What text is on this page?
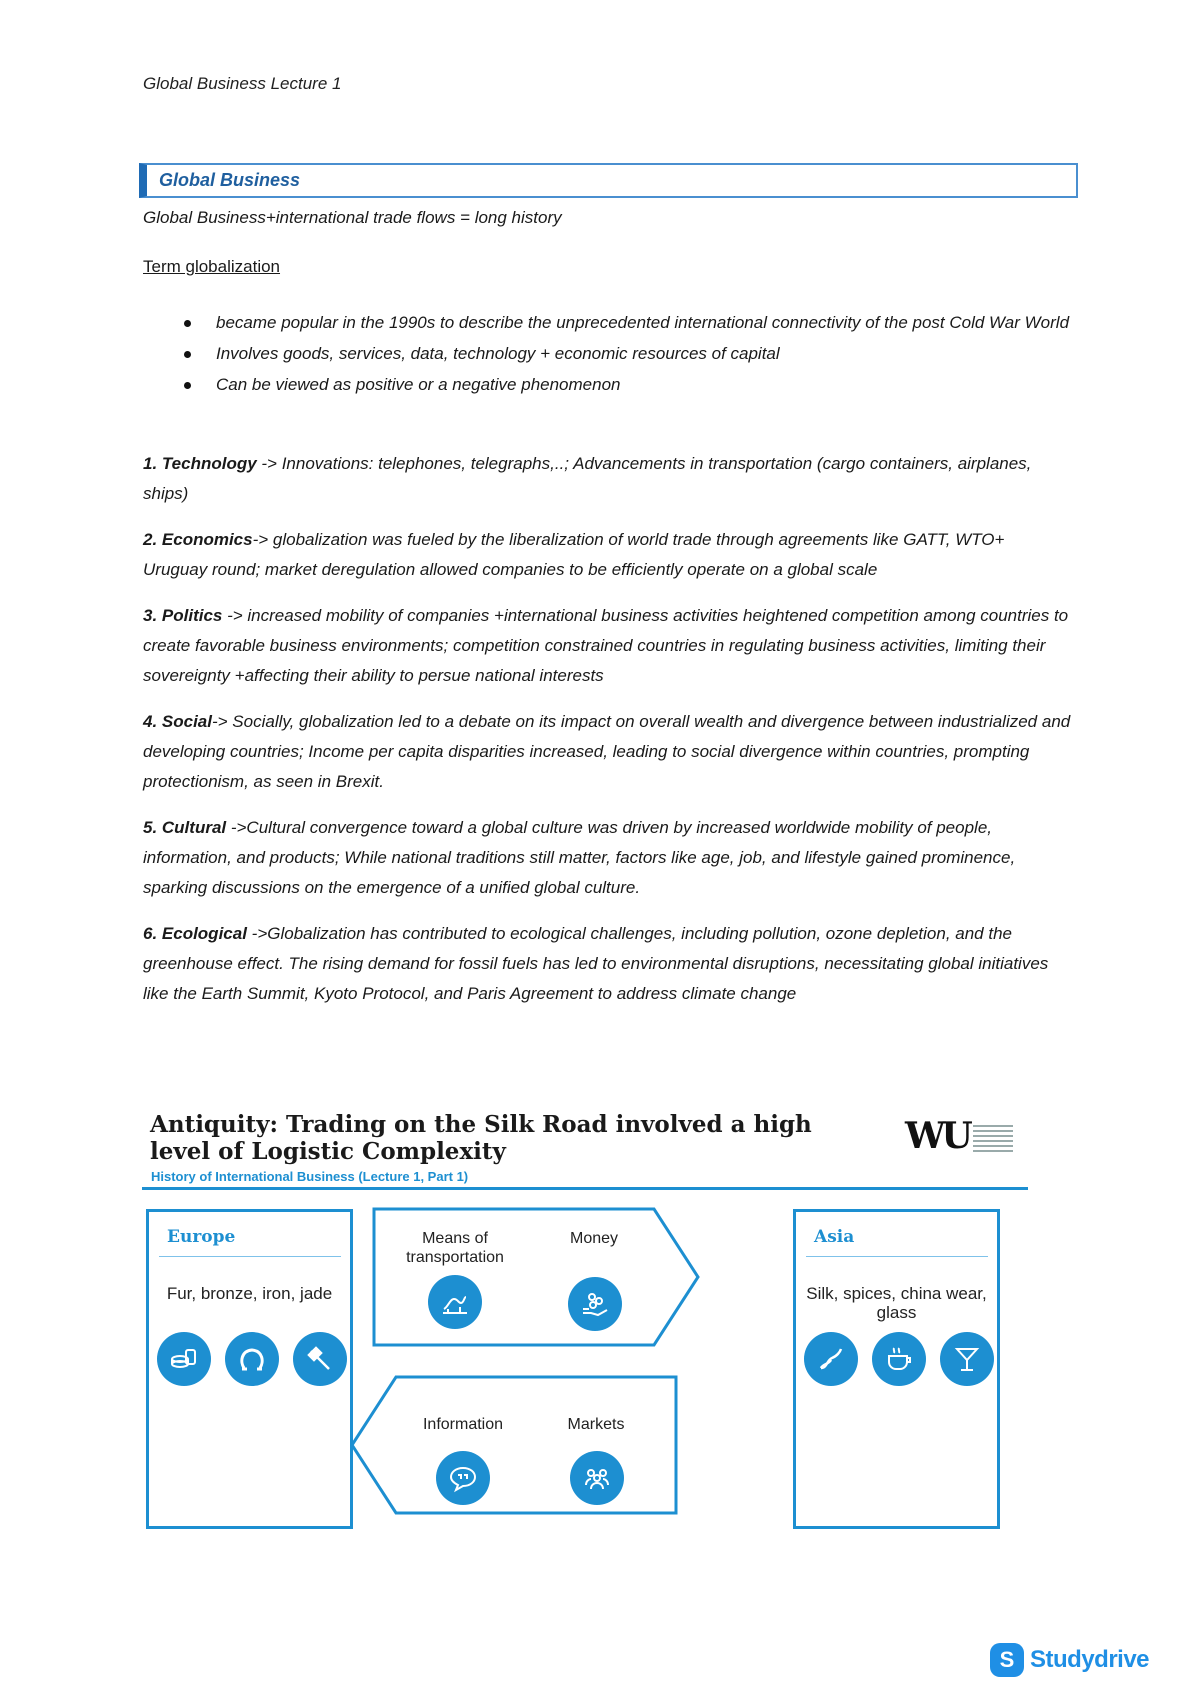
Global Business Lecture 1
Global Business
Global Business+international trade flows = long history
Term globalization
became popular in the 1990s to describe the unprecedented international connectivity of the post Cold War World
Involves goods, services, data, technology + economic resources of capital
Can be viewed as positive or a negative phenomenon

1. Technology -> Innovations: telephones, telegraphs,..; Advancements in transportation (cargo containers, airplanes, ships)

2. Economics-> globalization was fueled by the liberalization of world trade through agreements like GATT, WTO+ Uruguay round; market deregulation allowed companies to be efficiently operate on a global scale

3. Politics -> increased mobility of companies +international business activities heightened competition among countries to create favorable business environments; competition constrained countries in regulating business activities, limiting their sovereignty +affecting their ability to persue national interests

4. Social-> Socially, globalization led to a debate on its impact on overall wealth and divergence between industrialized and developing countries; Income per capita disparities increased, leading to social divergence within countries, prompting protectionism, as seen in Brexit.

5. Cultural ->Cultural convergence toward a global culture was driven by increased worldwide mobility of people, information, and products; While national traditions still matter, factors like age, job, and lifestyle gained prominence, sparking discussions on the emergence of a unified global culture.

6. Ecological ->Globalization has contributed to ecological challenges, including pollution, ozone depletion, and the greenhouse effect. The rising demand for fossil fuels has led to environmental disruptions, necessitating global initiatives like the Earth Summit, Kyoto Protocol, and Paris Agreement to address climate change

Antiquity: Trading on the Silk Road involved a high level of Logistic Complexity
History of International Business (Lecture 1, Part 1)
WU
Europe
Fur, bronze, iron, jade
Means of transportation
Money
Information	Markets
Asia
Silk, spices, china wear, glass
S Studydrive
